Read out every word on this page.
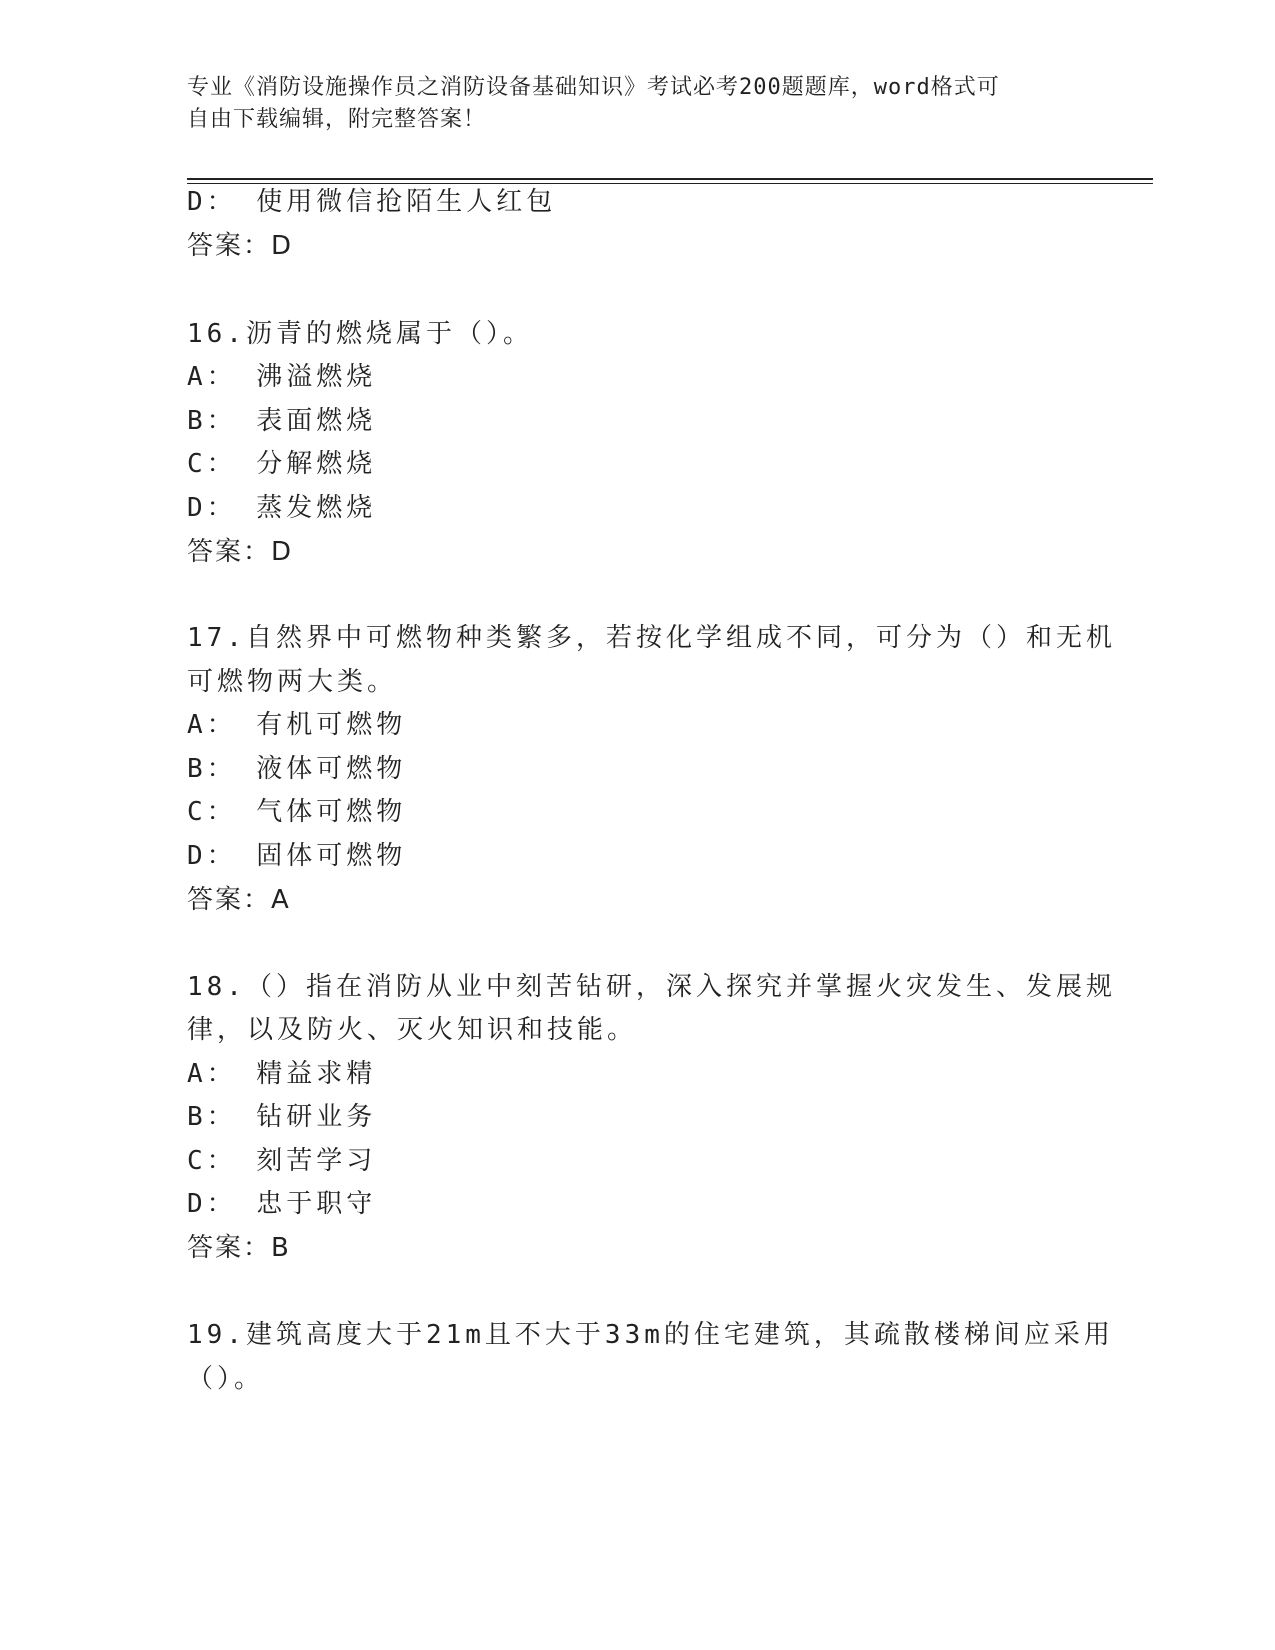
专业《消防设施操作员之消防设备基础知识》考试必考200题题库，word格式可
自由下载编辑，附完整答案！
D： 使用微信抢陌生人红包
答案：D
16.沥青的燃烧属于（）。
A： 沸溢燃烧
B： 表面燃烧
C： 分解燃烧
D： 蒸发燃烧
答案：D
17.自然界中可燃物种类繁多，若按化学组成不同，可分为（）和无机
可燃物两大类。
A： 有机可燃物
B： 液体可燃物
C： 气体可燃物
D： 固体可燃物
答案：A
18.（）指在消防从业中刻苦钻研，深入探究并掌握火灾发生、发展规
律，以及防火、灭火知识和技能。
A： 精益求精
B： 钻研业务
C： 刻苦学习
D： 忠于职守
答案：B
19.建筑高度大于21m且不大于33m的住宅建筑，其疏散楼梯间应采用
（）。
